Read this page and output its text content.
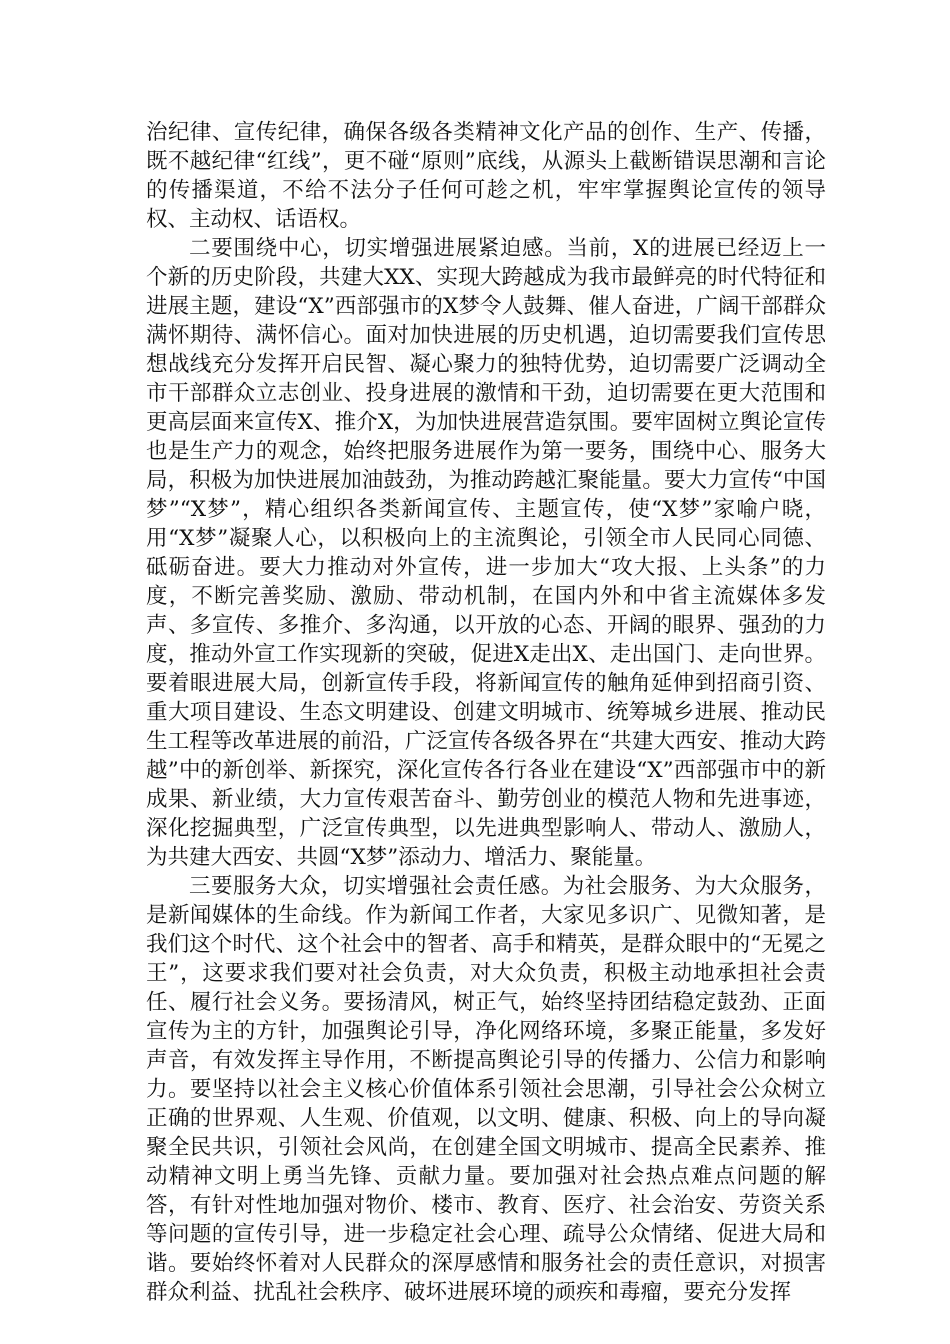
治纪律、宣传纪律，确保各级各类精神文化产品的创作、生产、传播，既不越纪律“红线”，更不碰“原则”底线，从源头上截断错误思潮和言论的传播渠道，不给不法分子任何可趁之机，牢牢掌握舆论宣传的领导权、主动权、话语权。

二要围绕中心，切实增强进展紧迫感。当前，X的进展已经迈上一个新的历史阶段，共建大XX、实现大跨越成为我市最鲜亮的时代特征和进展主题，建设“X”西部强市的X梦令人鼓舞、催人奋进，广阔干部群众满怀期待、满怀信心。面对加快进展的历史机遇，迫切需要我们宣传思想战线充分发挥开启民智、凝心聚力的独特优势，迫切需要广泛调动全市干部群众立志创业、投身进展的激情和干劲，迫切需要在更大范围和更高层面来宣传X、推介X，为加快进展营造氛围。要牢固树立舆论宣传也是生产力的观念，始终把服务进展作为第一要务，围绕中心、服务大局，积极为加快进展加油鼓劲，为推动跨越汇聚能量。要大力宣传“中国梦”“X梦”，精心组织各类新闻宣传、主题宣传，使“X梦”家喻户晓，用“X梦”凝聚人心，以积极向上的主流舆论，引领全市人民同心同德、砥砺奋进。要大力推动对外宣传，进一步加大“攻大报、上头条”的力度，不断完善奖励、激励、带动机制，在国内外和中省主流媒体多发声、多宣传、多推介、多沟通，以开放的心态、开阔的眼界、强劲的力度，推动外宣工作实现新的突破，促进X走出X、走出国门、走向世界。要着眼进展大局，创新宣传手段，将新闻宣传的触角延伸到招商引资、重大项目建设、生态文明建设、创建文明城市、统筹城乡进展、推动民生工程等改革进展的前沿，广泛宣传各级各界在“共建大西安、推动大跨越”中的新创举、新探究，深化宣传各行各业在建设“X”西部强市中的新成果、新业绩，大力宣传艰苦奋斗、勤劳创业的模范人物和先进事迹，深化挖掘典型，广泛宣传典型，以先进典型影响人、带动人、激励人，为共建大西安、共圆“X梦”添动力、增活力、聚能量。

三要服务大众，切实增强社会责任感。为社会服务、为大众服务，是新闻媒体的生命线。作为新闻工作者，大家见多识广、见微知著，是我们这个时代、这个社会中的智者、高手和精英，是群众眼中的“无冕之王”，这要求我们要对社会负责，对大众负责，积极主动地承担社会责任、履行社会义务。要扬清风，树正气，始终坚持团结稳定鼓劲、正面宣传为主的方针，加强舆论引导，净化网络环境，多聚正能量，多发好声音，有效发挥主导作用，不断提高舆论引导的传播力、公信力和影响力。要坚持以社会主义核心价值体系引领社会思潮，引导社会公众树立正确的世界观、人生观、价值观，以文明、健康、积极、向上的导向凝聚全民共识，引领社会风尚，在创建全国文明城市、提高全民素养、推动精神文明上勇当先锋、贡献力量。要加强对社会热点难点问题的解答，有针对性地加强对物价、楼市、教育、医疗、社会治安、劳资关系等问题的宣传引导，进一步稳定社会心理、疏导公众情绪、促进大局和谐。要始终怀着对人民群众的深厚感情和服务社会的责任意识，对损害群众利益、扰乱社会秩序、破坏进展环境的顽疾和毒瘤，要充分发挥
